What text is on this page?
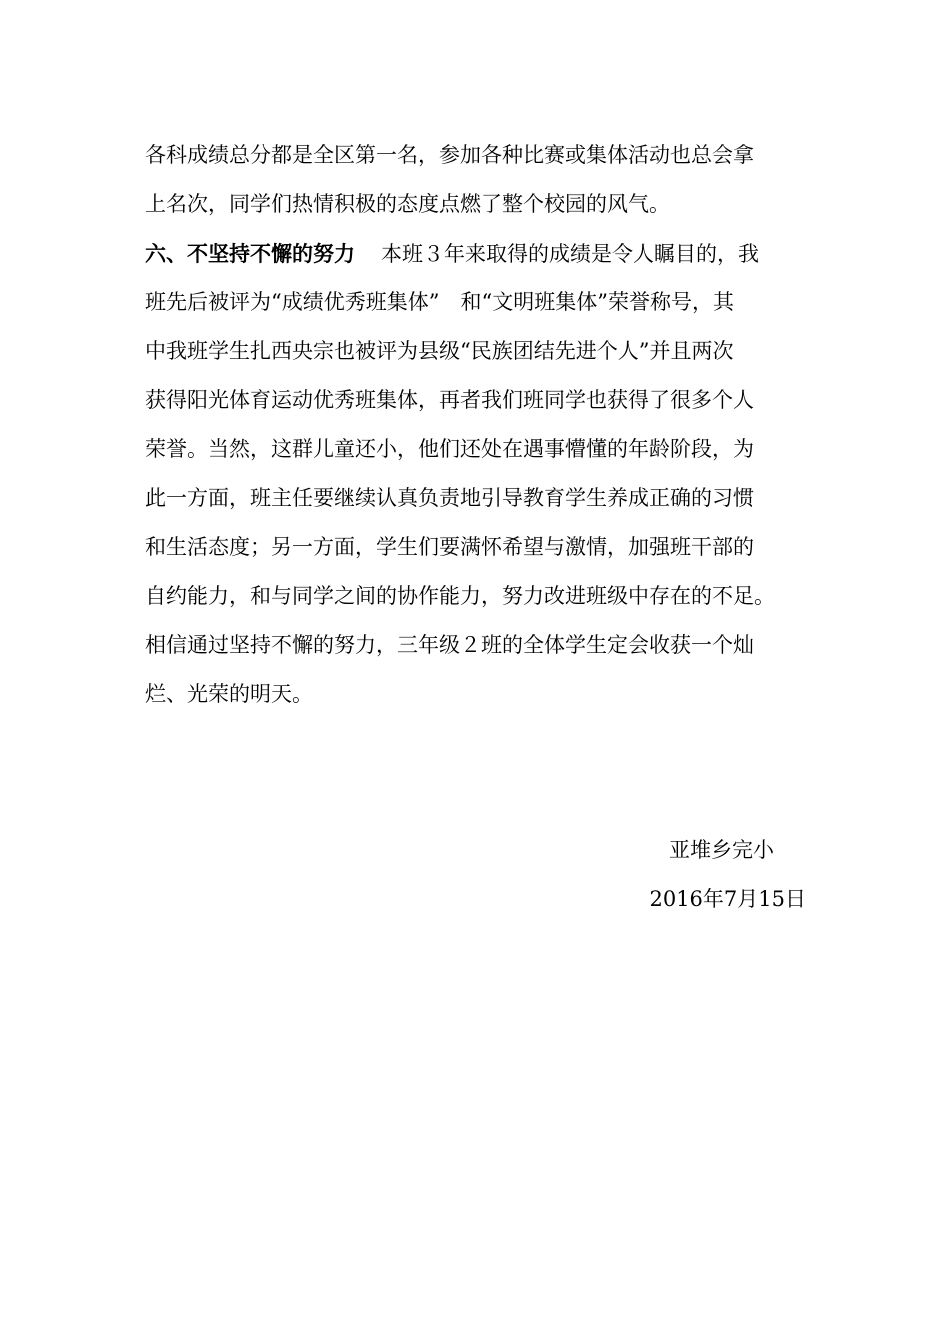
各科成绩总分都是全区第一名，参加各种比赛或集体活动也总会拿
上名次，同学们热情积极的态度点燃了整个校园的风气。
六、不坚持不懈的努力 本班３年来取得的成绩是令人瞩目的，我
班先后被评为“成绩优秀班集体”　和“文明班集体”荣誉称号，其
中我班学生扎西央宗也被评为县级“民族团结先进个人”并且两次
获得阳光体育运动优秀班集体，再者我们班同学也获得了很多个人
荣誉。当然，这群儿童还小，他们还处在遇事懵懂的年龄阶段，为
此一方面，班主任要继续认真负责地引导教育学生养成正确的习惯
和生活态度；另一方面，学生们要满怀希望与激情，加强班干部的
自约能力，和与同学之间的协作能力，努力改进班级中存在的不足。
相信通过坚持不懈的努力，三年级２班的全体学生定会收获一个灿
烂、光荣的明天。
亚堆乡完小
2016年7月15日
